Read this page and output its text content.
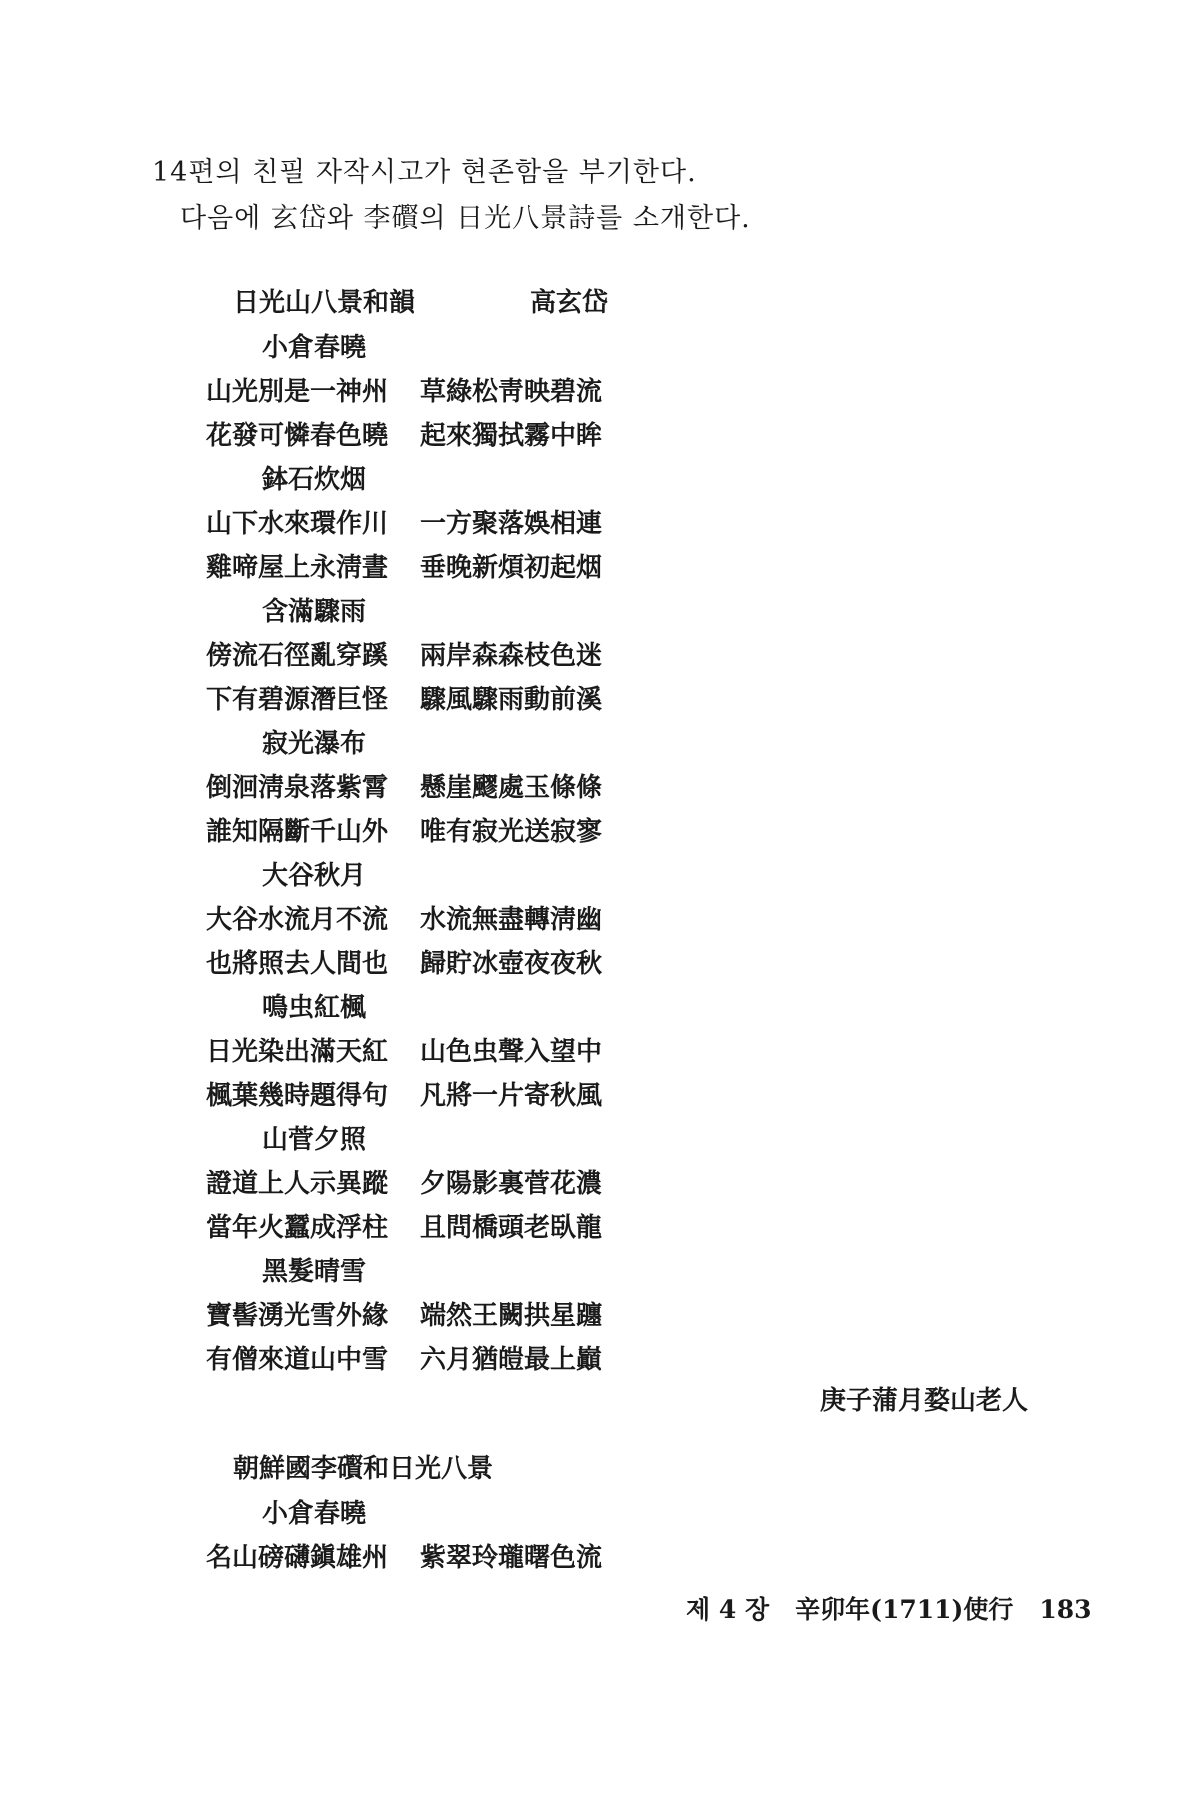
14편의 친필 자작시고가 현존함을 부기한다.
다음에 玄岱와 李礥의 日光八景詩를 소개한다.
日光山八景和韻	高玄岱
小倉春曉
山光別是一神州 草綠松靑映碧流
花發可憐春色曉 起來獨拭霧中眸
鉢石炊烟
山下水來環作川 一方聚落娛相連
雞啼屋上永淸晝 垂晚新煩初起烟
含滿驟雨
傍流石徑亂穿蹊 兩岸森森枝色迷
下有碧源潛巨怪 驟風驟雨動前溪
寂光瀑布
倒洄淸泉落紫霄 懸崖飂處玉條條
誰知隔斷千山外 唯有寂光送寂寥
大谷秋月
大谷水流月不流 水流無盡轉淸幽
也將照去人間也 歸貯冰壺夜夜秋
鳴虫紅楓
日光染出滿天紅 山色虫聲入望中
楓葉幾時題得句 凡將一片寄秋風
山菅夕照
證道上人示異蹤 夕陽影裏菅花濃
當年火蠶成浮柱 且問橋頭老臥龍
黑髮晴雪
寶髻湧光雪外緣 端然王闕拱星躔
有僧來道山中雪 六月猶皚最上巓
庚子蒲月婺山老人
朝鮮國李礥和日光八景
小倉春曉
名山磅礴鎭雄州 紫翠玲瓏曙色流
제 4 장 辛卯年(1711)使行 183
